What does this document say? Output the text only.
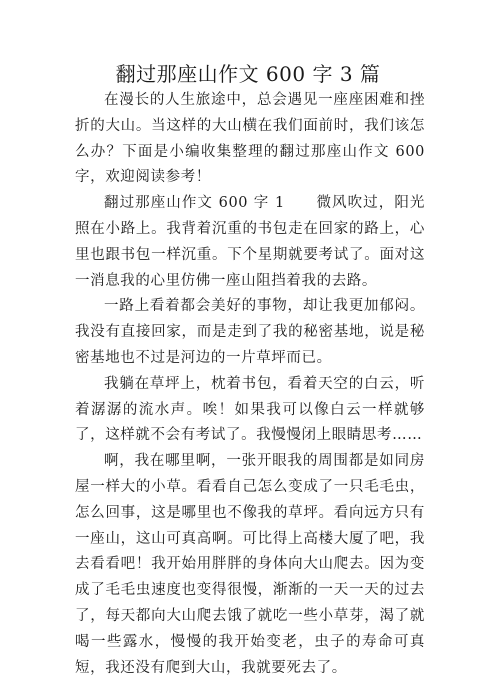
翻过那座山作文 600 字 3 篇

在漫长的人生旅途中，总会遇见一座座困难和挫折的大山。当这样的大山横在我们面前时，我们该怎么办？下面是小编收集整理的翻过那座山作文 600 字，欢迎阅读参考！

翻过那座山作文 600 字 1　　微风吹过，阳光照在小路上。我背着沉重的书包走在回家的路上，心里也跟书包一样沉重。下个星期就要考试了。面对这一消息我的心里仿佛一座山阻挡着我的去路。

一路上看着都会美好的事物，却让我更加郁闷。我没有直接回家，而是走到了我的秘密基地，说是秘密基地也不过是河边的一片草坪而已。

我躺在草坪上，枕着书包，看着天空的白云，听着潺潺的流水声。唉！如果我可以像白云一样就够了，这样就不会有考试了。我慢慢闭上眼睛思考……

啊，我在哪里啊，一张开眼我的周围都是如同房屋一样大的小草。看看自己怎么变成了一只毛毛虫，怎么回事，这是哪里也不像我的草坪。看向远方只有一座山，这山可真高啊。可比得上高楼大厦了吧，我去看看吧！我开始用胖胖的身体向大山爬去。因为变成了毛毛虫速度也变得很慢，渐渐的一天一天的过去了，每天都向大山爬去饿了就吃一些小草芽，渴了就喝一些露水，慢慢的我开始变老，虫子的寿命可真短，我还没有爬到大山，我就要死去了。
